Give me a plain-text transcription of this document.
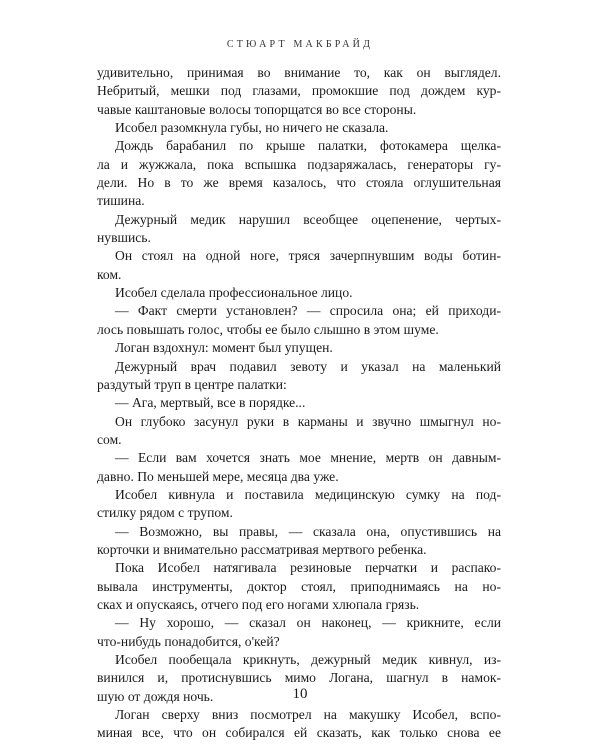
СТЮАРТ МАКБРАЙД
удивительно, принимая во внимание то, как он выглядел.
Небритый, мешки под глазами, промокшие под дождем кур-
чавые каштановые волосы топорщатся во все стороны.
Исобел разомкнула губы, но ничего не сказала.
Дождь барабанил по крыше палатки, фотокамера щелка-
ла и жужжала, пока вспышка подзаряжалась, генераторы гу-
дели. Но в то же время казалось, что стояла оглушительная
тишина.
Дежурный медик нарушил всеобщее оцепенение, чертых-
нувшись.
Он стоял на одной ноге, тряся зачерпнувшим воды ботин-
ком.
Исобел сделала профессиональное лицо.
— Факт смерти установлен? — спросила она; ей приходи-
лось повышать голос, чтобы ее было слышно в этом шуме.
Логан вздохнул: момент был упущен.
Дежурный врач подавил зевоту и указал на маленький
раздутый труп в центре палатки:
— Ага, мертвый, все в порядке...
Он глубоко засунул руки в карманы и звучно шмыгнул но-
сом.
— Если вам хочется знать мое мнение, мертв он давным-
давно. По меньшей мере, месяца два уже.
Исобел кивнула и поставила медицинскую сумку на под-
стилку рядом с трупом.
— Возможно, вы правы, — сказала она, опустившись на
корточки и внимательно рассматривая мертвого ребенка.
Пока Исобел натягивала резиновые перчатки и распако-
вывала инструменты, доктор стоял, приподнимаясь на но-
сках и опускаясь, отчего под его ногами хлюпала грязь.
— Ну хорошо, — сказал он наконец, — крикните, если
что-нибудь понадобится, о'кей?
Исобел пообещала крикнуть, дежурный медик кивнул, из-
винился и, протиснувшись мимо Логана, шагнул в намок-
шую от дождя ночь.
Логан сверху вниз посмотрел на макушку Исобел, вспо-
миная все, что он собирался ей сказать, как только снова ее
10
